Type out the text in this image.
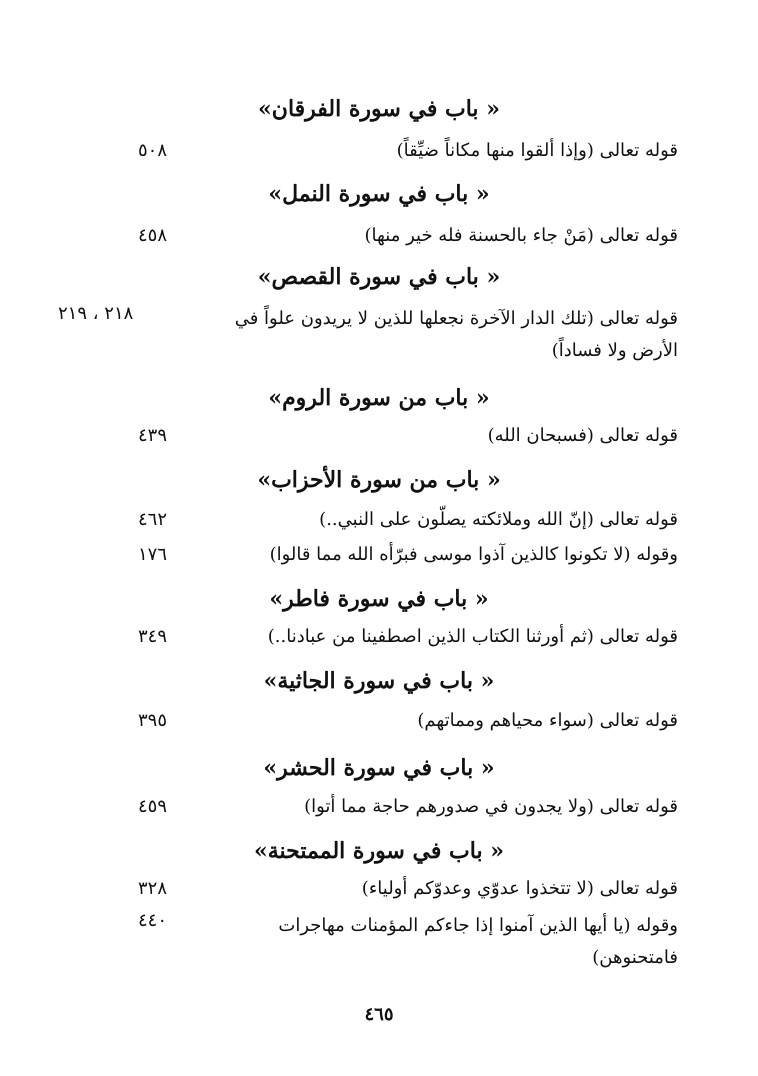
« باب في سورة الفرقان»
قوله تعالى (وإذا ألقوا منها مكاناً ضيِّقاً)
٥٠٨
« باب في سورة النمل»
قوله تعالى (مَنْ جاء بالحسنة فله خير منها)
٤٥٨
« باب في سورة القصص»
قوله تعالى (تلك الدار الآخرة نجعلها للذين لا يريدون علواً في
الأرض ولا فساداً)
٢١٨ ، ٢١٩
« باب من سورة الروم»
قوله تعالى (فسبحان الله)
٤٣٩
« باب من سورة الأحزاب»
قوله تعالى (إنّ الله وملائكته يصلّون على النبي..)
٤٦٢
وقوله (لا تكونوا كالذين آذوا موسى فبرّأه الله مما قالوا)
١٧٦
« باب في سورة فاطر»
قوله تعالى (ثم أورثنا الكتاب الذين اصطفينا من عبادنا..)
٣٤٩
« باب في سورة الجاثية»
قوله تعالى (سواء محياهم ومماتهم)
٣٩٥
« باب في سورة الحشر»
قوله تعالى (ولا يجدون في صدورهم حاجة مما أتوا)
٤٥٩
« باب في سورة الممتحنة»
قوله تعالى (لا تتخذوا عدوّي وعدوّكم أولياء)
٣٢٨
وقوله (يا أيها الذين آمنوا إذا جاءكم المؤمنات مهاجرات
فامتحنوهن)
٤٤٠
٤٦٥
